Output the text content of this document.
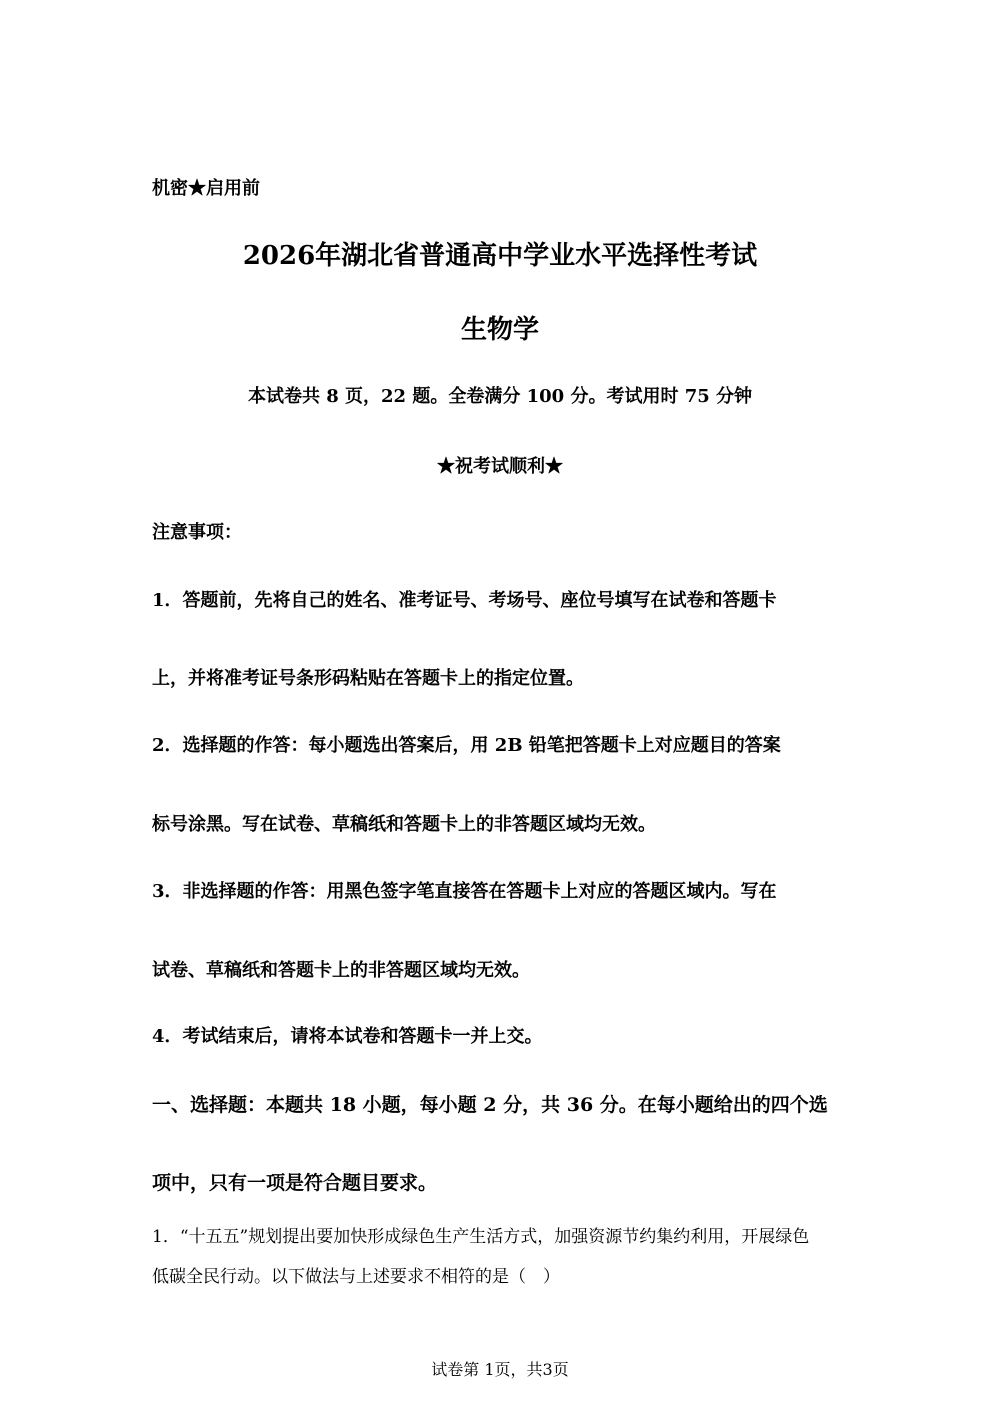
机密★启用前
2026年湖北省普通高中学业水平选择性考试
生物学
本试卷共 8 页，22 题。全卷满分 100 分。考试用时 75 分钟
★祝考试顺利★
注意事项：
1．答题前，先将自己的姓名、准考证号、考场号、座位号填写在试卷和答题卡
上，并将准考证号条形码粘贴在答题卡上的指定位置。
2．选择题的作答：每小题选出答案后，用 2B 铅笔把答题卡上对应题目的答案
标号涂黑。写在试卷、草稿纸和答题卡上的非答题区域均无效。
3．非选择题的作答：用黑色签字笔直接答在答题卡上对应的答题区域内。写在
试卷、草稿纸和答题卡上的非答题区域均无效。
4．考试结束后，请将本试卷和答题卡一并上交。
一、选择题：本题共 18 小题，每小题 2 分，共 36 分。在每小题给出的四个选
项中，只有一项是符合题目要求。
1．“十五五”规划提出要加快形成绿色生产生活方式，加强资源节约集约利用，开展绿色
低碳全民行动。以下做法与上述要求不相符的是（　）
试卷第 1页，共3页
